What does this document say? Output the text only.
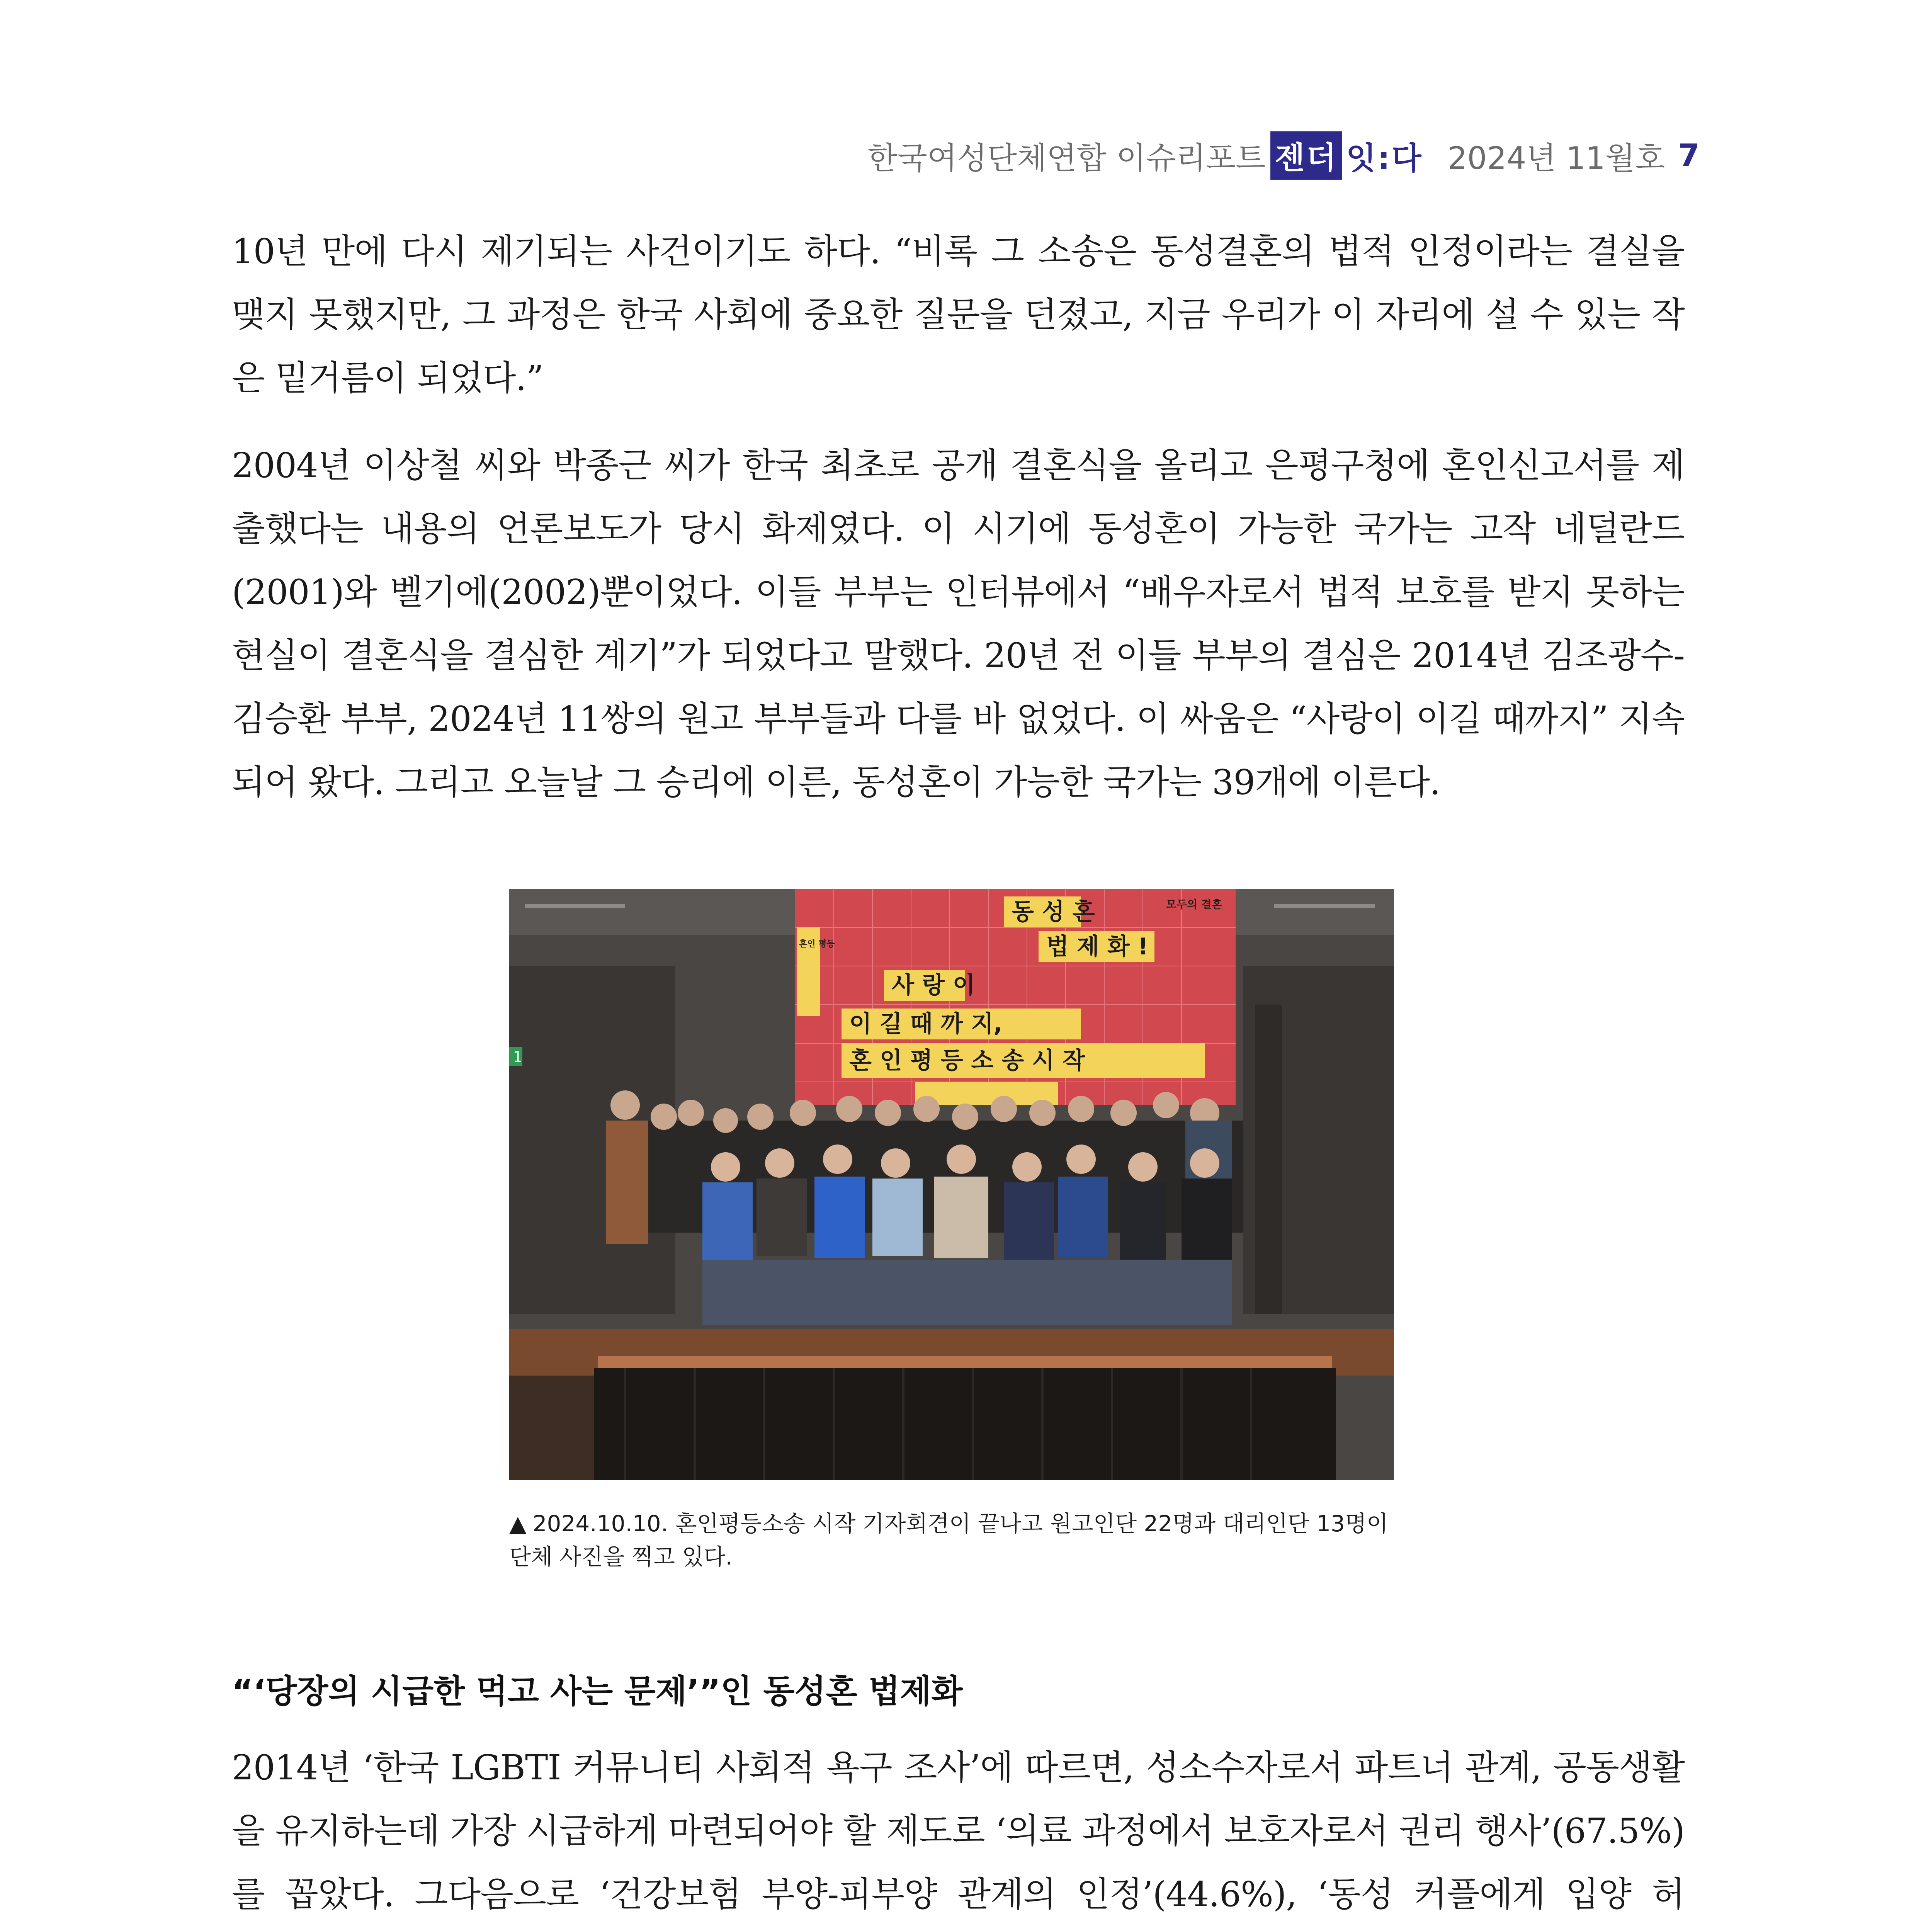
한국여성단체연합 이슈리포트 젠더 잇:다 2024년 11월호 7

10년 만에 다시 제기되는 사건이기도 하다. “비록 그 소송은 동성결혼의 법적 인정이라는 결실을 맺지 못했지만, 그 과정은 한국 사회에 중요한 질문을 던졌고, 지금 우리가 이 자리에 설 수 있는 작은 밑거름이 되었다.”

2004년 이상철 씨와 박종근 씨가 한국 최초로 공개 결혼식을 올리고 은평구청에 혼인신고서를 제출했다는 내용의 언론보도가 당시 화제였다. 이 시기에 동성혼이 가능한 국가는 고작 네덜란드(2001)와 벨기에(2002)뿐이었다. 이들 부부는 인터뷰에서 “배우자로서 법적 보호를 받지 못하는 현실이 결혼식을 결심한 계기”가 되었다고 말했다. 20년 전 이들 부부의 결심은 2014년 김조광수-김승환 부부, 2024년 11쌍의 원고 부부들과 다를 바 없었다. 이 싸움은 “사랑이 이길 때까지” 지속되어 왔다. 그리고 오늘날 그 승리에 이른, 동성혼이 가능한 국가는 39개에 이른다.

1
동 성 혼
법 제 화 !
사 랑 이
이 길 때 까 지,
혼 인 평 등 소 송 시 작
모두의 결혼
혼인 평등

▲ 2024.10.10. 혼인평등소송 시작 기자회견이 끝나고 원고인단 22명과 대리인단 13명이 단체 사진을 찍고 있다.

“‘당장의 시급한 먹고 사는 문제’”인 동성혼 법제화

2014년 ‘한국 LGBTI 커뮤니티 사회적 욕구 조사’에 따르면, 성소수자로서 파트너 관계, 공동생활을 유지하는데 가장 시급하게 마련되어야 할 제도로 ‘의료 과정에서 보호자로서 권리 행사’(67.5%)를 꼽았다. 그다음으로 ‘건강보험 부양-피부양 관계의 인정’(44.6%), ‘동성 커플에게 입양 허
